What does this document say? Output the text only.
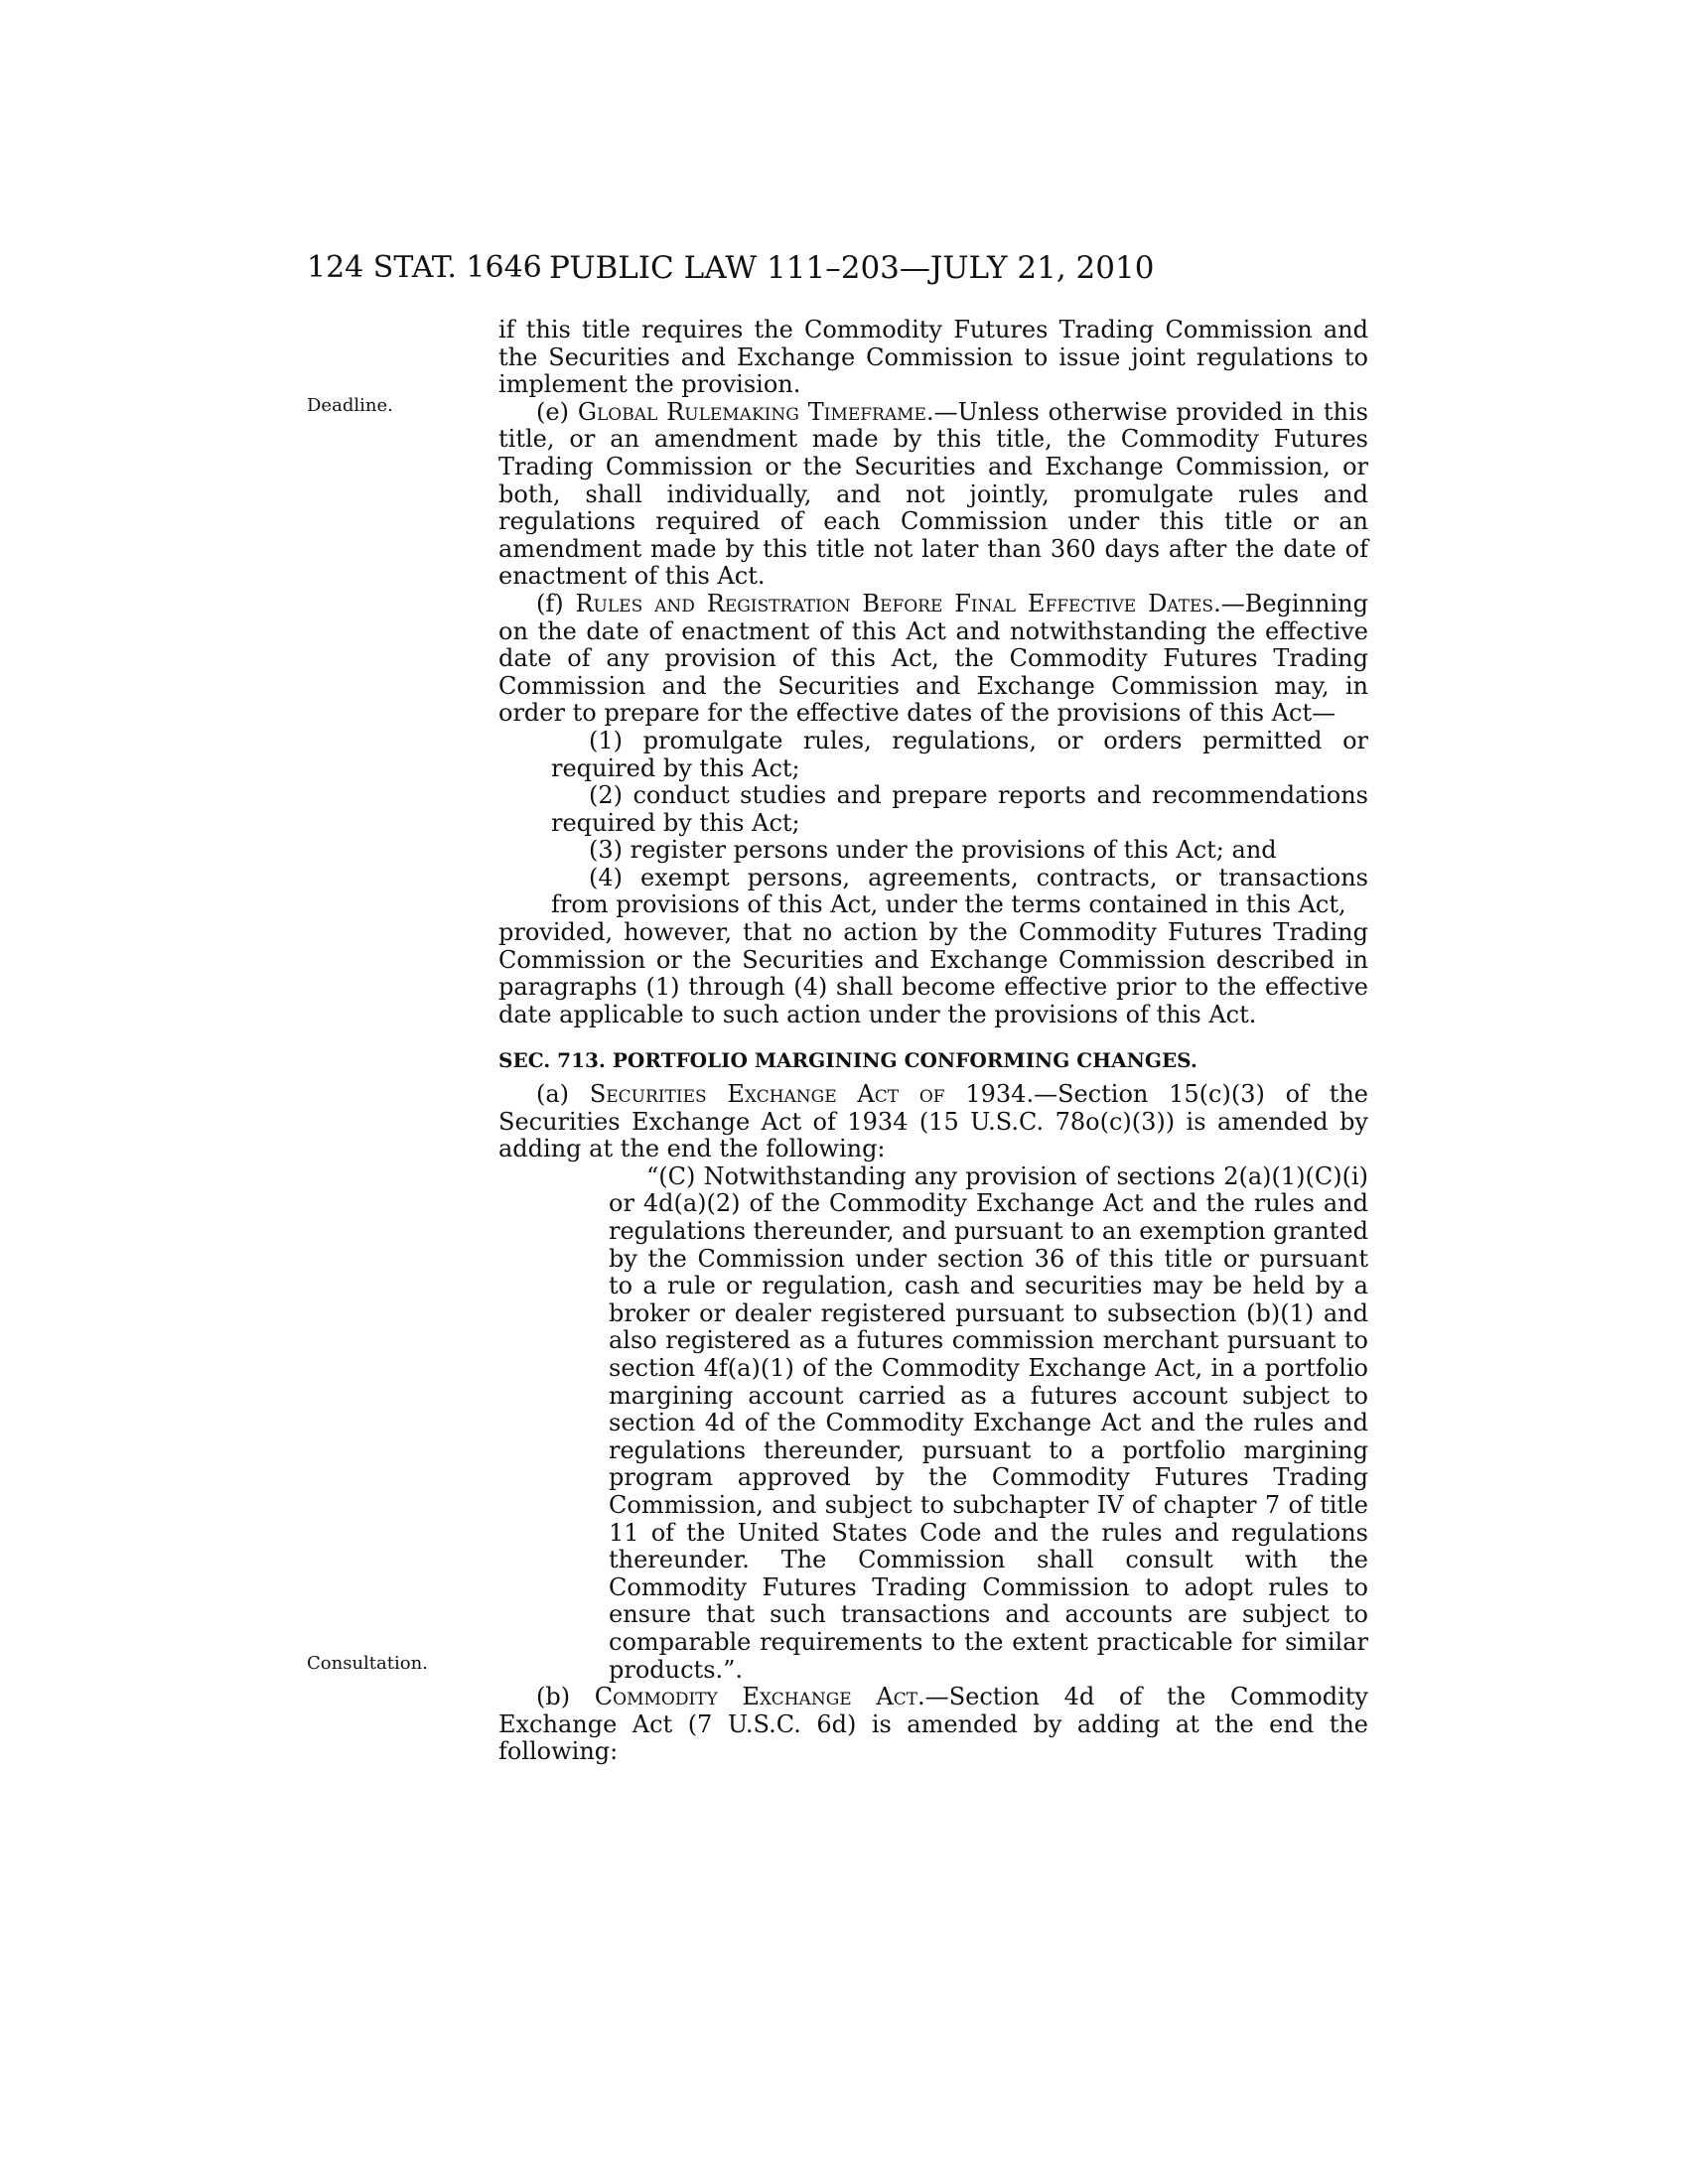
124 STAT. 1646 PUBLIC LAW 111–203—JULY 21, 2010
Deadline.
Consultation.

if this title requires the Commodity Futures Trading Commission and the Securities and Exchange Commission to issue joint regulations to implement the provision.

(e) Global Rulemaking Timeframe.—Unless otherwise provided in this title, or an amendment made by this title, the Commodity Futures Trading Commission or the Securities and Exchange Commission, or both, shall individually, and not jointly, promulgate rules and regulations required of each Commission under this title or an amendment made by this title not later than 360 days after the date of enactment of this Act.

(f) Rules and Registration Before Final Effective Dates.—Beginning on the date of enactment of this Act and notwithstanding the effective date of any provision of this Act, the Commodity Futures Trading Commission and the Securities and Exchange Commission may, in order to prepare for the effective dates of the provisions of this Act—

(1) promulgate rules, regulations, or orders permitted or required by this Act;

(2) conduct studies and prepare reports and recommendations required by this Act;

(3) register persons under the provisions of this Act; and

(4) exempt persons, agreements, contracts, or transactions from provisions of this Act, under the terms contained in this Act,

provided, however, that no action by the Commodity Futures Trading Commission or the Securities and Exchange Commission described in paragraphs (1) through (4) shall become effective prior to the effective date applicable to such action under the provisions of this Act.

SEC. 713. PORTFOLIO MARGINING CONFORMING CHANGES.

(a) Securities Exchange Act of 1934.—Section 15(c)(3) of the Securities Exchange Act of 1934 (15 U.S.C. 78o(c)(3)) is amended by adding at the end the following:

“(C) Notwithstanding any provision of sections 2(a)(1)(C)(i) or 4d(a)(2) of the Commodity Exchange Act and the rules and regulations thereunder, and pursuant to an exemption granted by the Commission under section 36 of this title or pursuant to a rule or regulation, cash and securities may be held by a broker or dealer registered pursuant to subsection (b)(1) and also registered as a futures commission merchant pursuant to section 4f(a)(1) of the Commodity Exchange Act, in a portfolio margining account carried as a futures account subject to section 4d of the Commodity Exchange Act and the rules and regulations thereunder, pursuant to a portfolio margining program approved by the Commodity Futures Trading Commission, and subject to subchapter IV of chapter 7 of title 11 of the United States Code and the rules and regulations thereunder. The Commission shall consult with the Commodity Futures Trading Commission to adopt rules to ensure that such transactions and accounts are subject to comparable requirements to the extent practicable for similar products.”.

(b) Commodity Exchange Act.—Section 4d of the Commodity Exchange Act (7 U.S.C. 6d) is amended by adding at the end the following:
